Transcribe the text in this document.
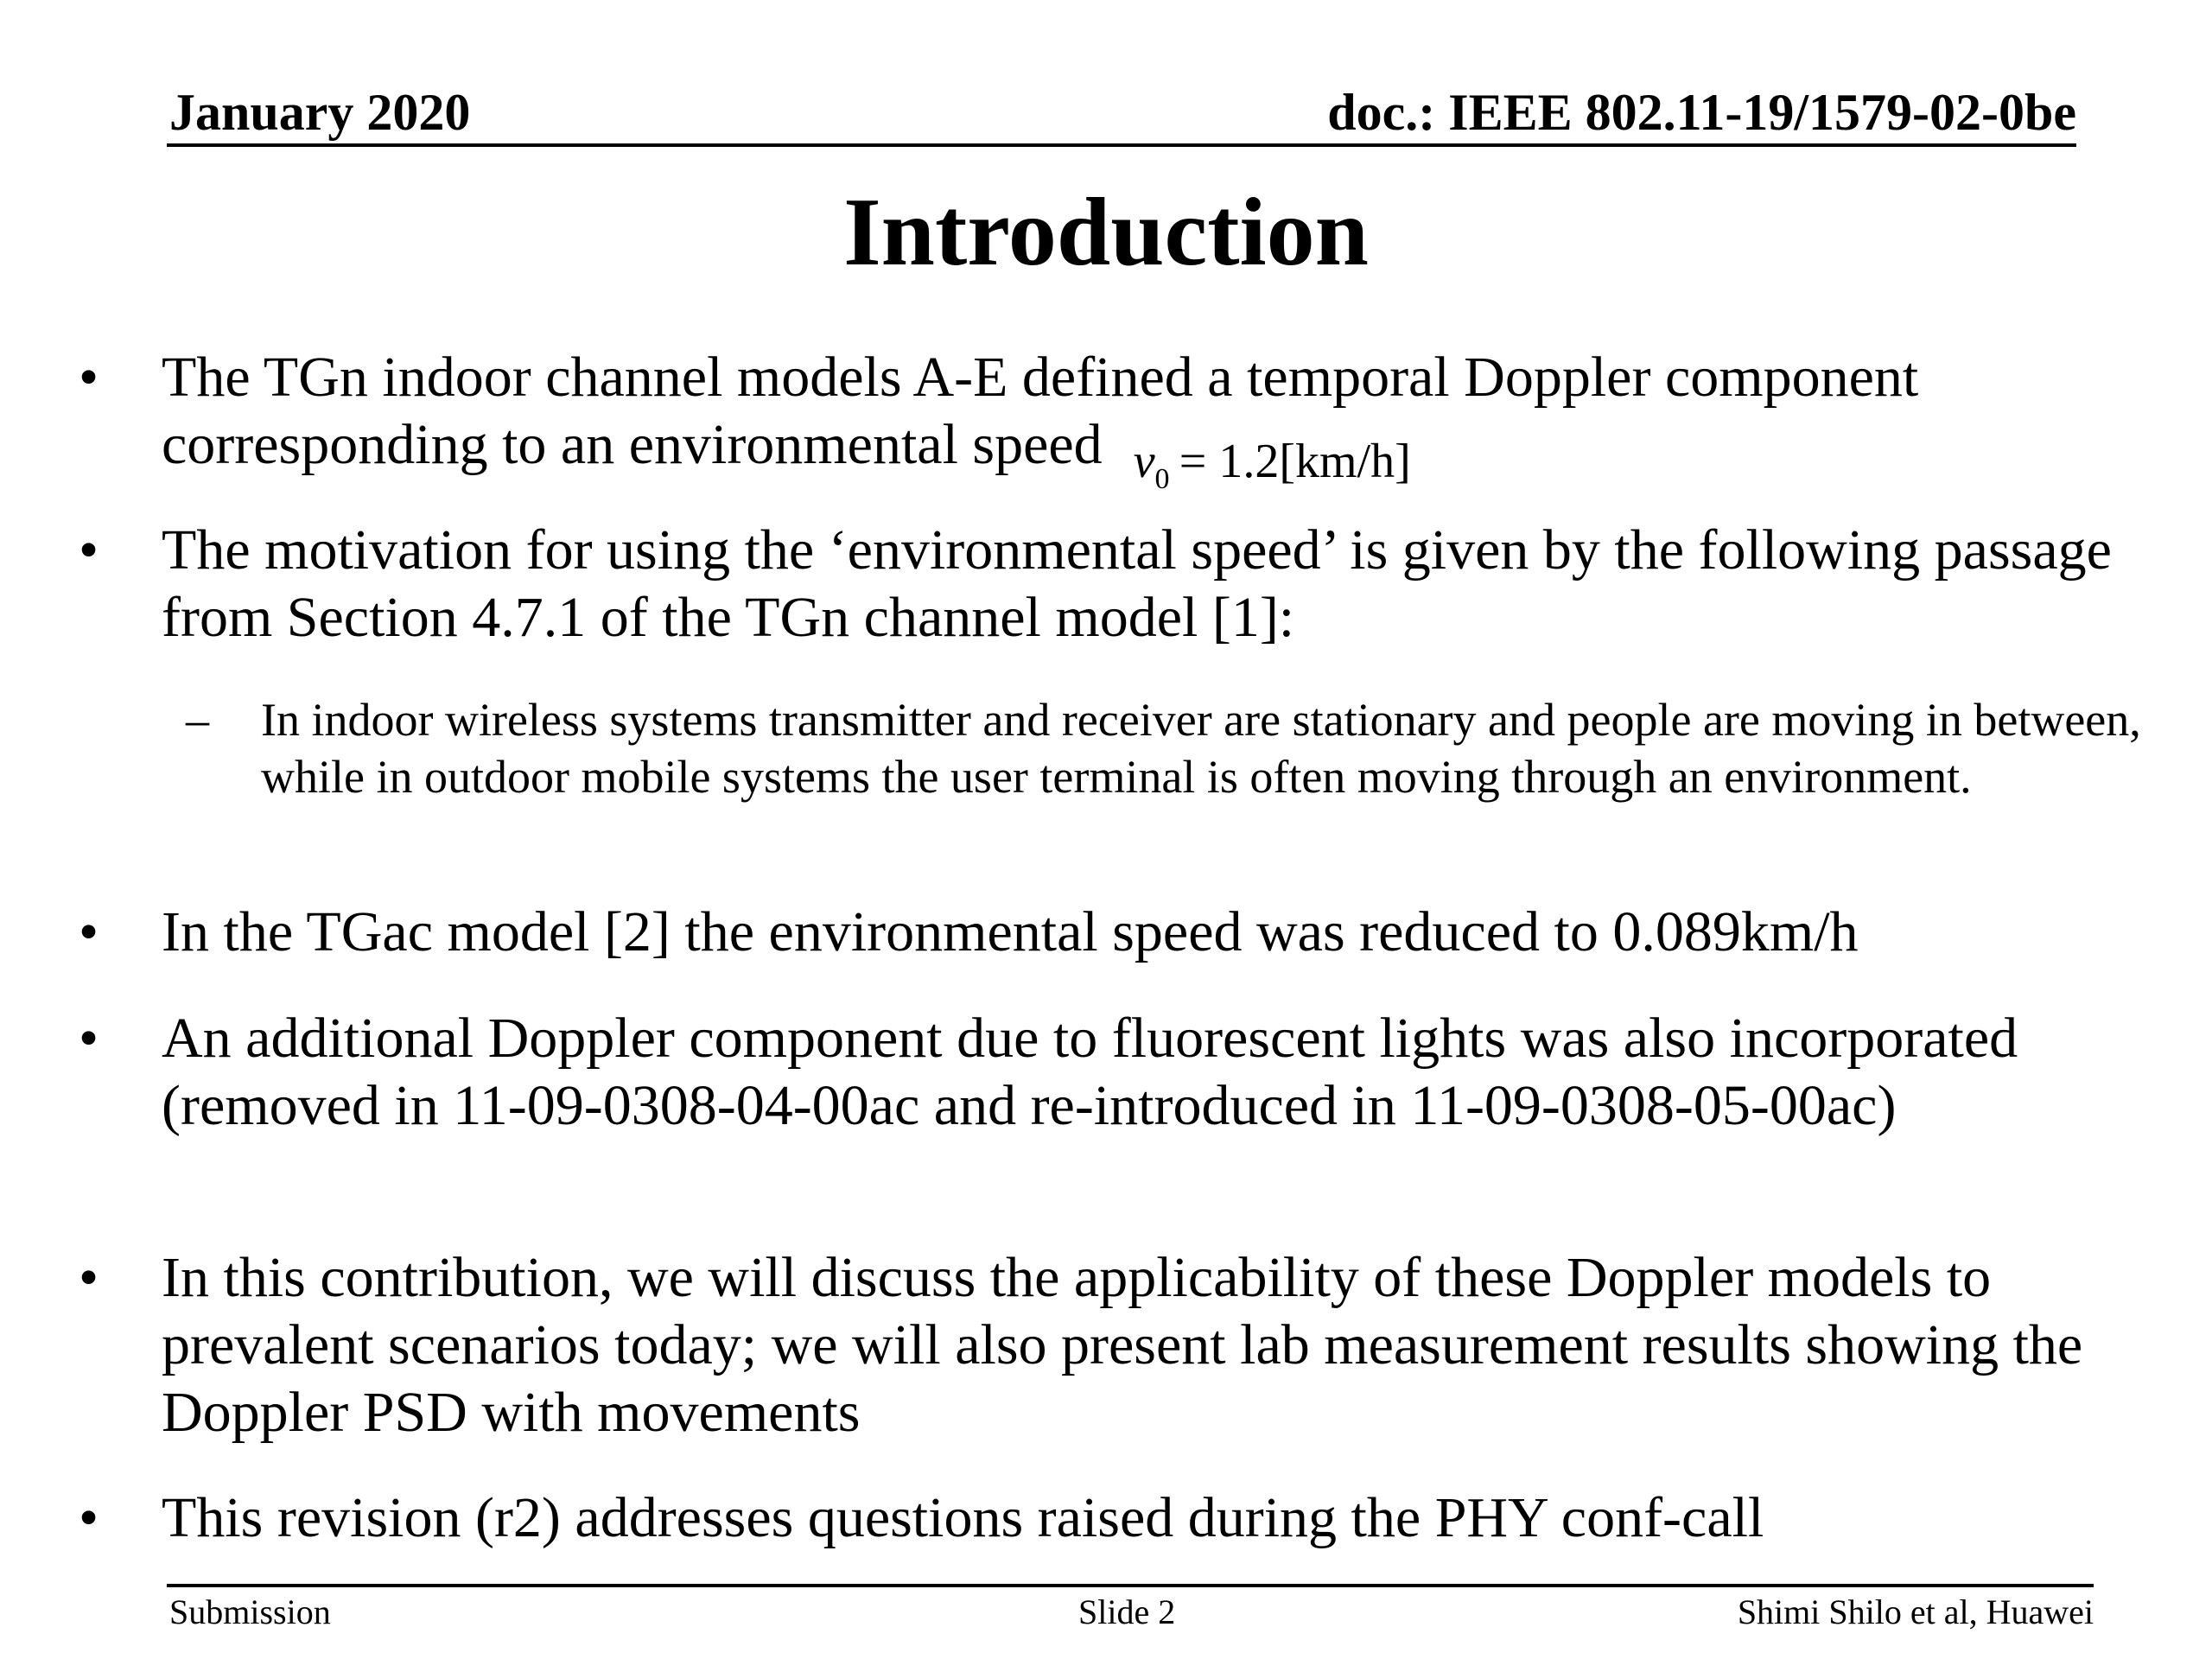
January 2020	doc.: IEEE 802.11-19/1579-02-0be
Introduction
• The TGn indoor channel models A-E defined a temporal Doppler component corresponding to an environmental speed $v_0 = 1.2[km/h]$
• The motivation for using the ‘environmental speed’ is given by the following passage from Section 4.7.1 of the TGn channel model [1]:
– In indoor wireless systems transmitter and receiver are stationary and people are moving in between, while in outdoor mobile systems the user terminal is often moving through an environment.
• In the TGac model [2] the environmental speed was reduced to 0.089km/h
• An additional Doppler component due to fluorescent lights was also incorporated (removed in 11-09-0308-04-00ac and re-introduced in 11-09-0308-05-00ac)
• In this contribution, we will discuss the applicability of these Doppler models to prevalent scenarios today; we will also present lab measurement results showing the Doppler PSD with movements
• This revision (r2) addresses questions raised during the PHY conf-call
Submission	Slide 2	Shimi Shilo et al, Huawei
